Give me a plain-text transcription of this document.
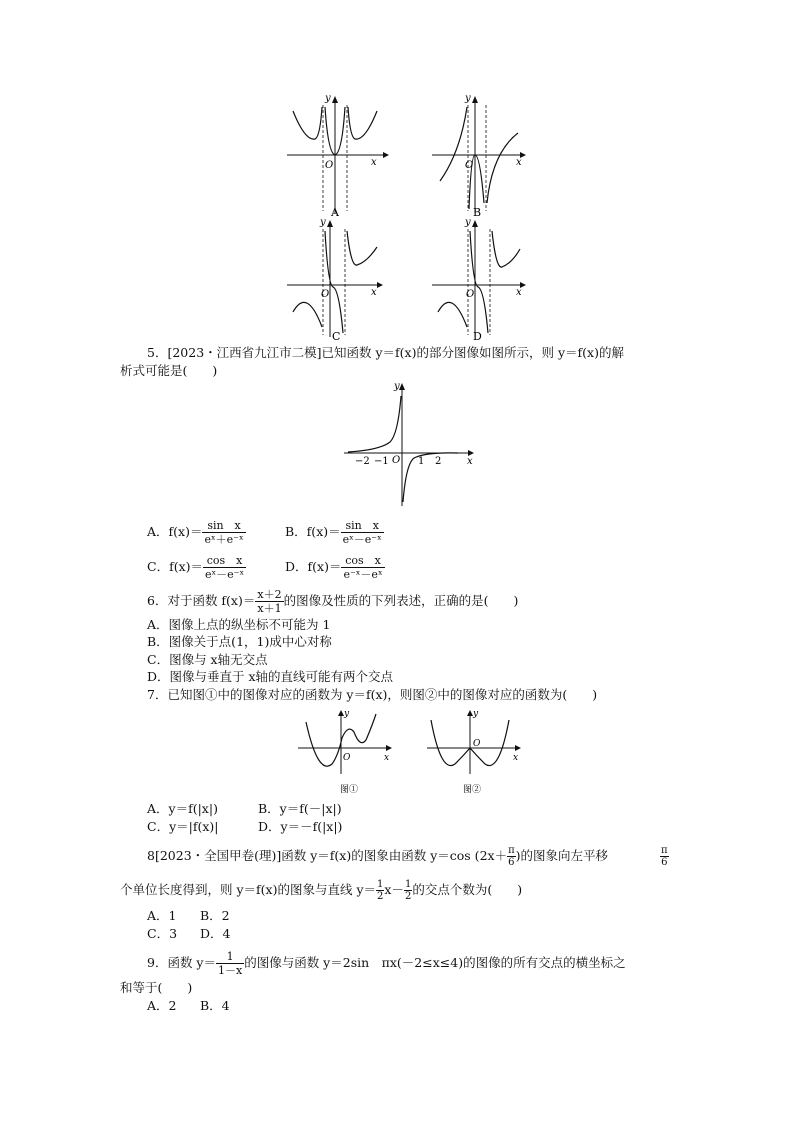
y
x
O
A
y
x
O
B
y
x
O
C
y
x
O
D
5．[2023・江西省九江市二模]已知函数 y＝f(x)的部分图像如图所示，则 y＝f(x)的解
析式可能是(　　)
y
x
O
−2 −1	1 2
A．$f(x)= \frac{\text{sin　x}}{\text{eˣ＋e⁻ˣ}}$	B．$f(x)= \frac{\text{sin　x}}{\text{eˣ－e⁻ˣ}}$
C．$f(x)= \frac{\text{cos　x}}{\text{eˣ－e⁻ˣ}}$	D．$f(x)= \frac{\text{cos　x}}{\text{e⁻ˣ－eˣ}}$
6．对于函数 $f(x)= \frac{x+2}{x+1}$ 的图像及性质的下列表述，正确的是(　　)
A．图像上点的纵坐标不可能为 1
B．图像关于点(1，1)成中心对称
C．图像与 x轴无交点
D．图像与垂直于 x轴的直线可能有两个交点
7．已知图①中的图像对应的函数为 y＝f(x)，则图②中的图像对应的函数为(　　)
y
x
O
图①
y
x
O
图②
A．y＝f(|x|)	B．y＝f(－|x|)
C．y＝|f(x)|	D．y＝－f(|x|)
8[2023・全国甲卷(理)]函数 y＝f(x)的图象由函数 y＝cos ($2x+ \frac{\pi}{6}$ )的图象向左平移	$\frac{\pi}{6}$
个单位长度得到，则 y＝f(x)的图象与直线 $y= \frac{1}{2} x- \frac{1}{2}$ 的交点个数为(　　)
A．1 B．2
C．3 D．4
9．函数 $y= \frac{1}{1-x}$ 的图像与函数 y＝2sin　πx(－2≤x≤4)的图像的所有交点的横坐标之
和等于(　　)
A．2 B．4
